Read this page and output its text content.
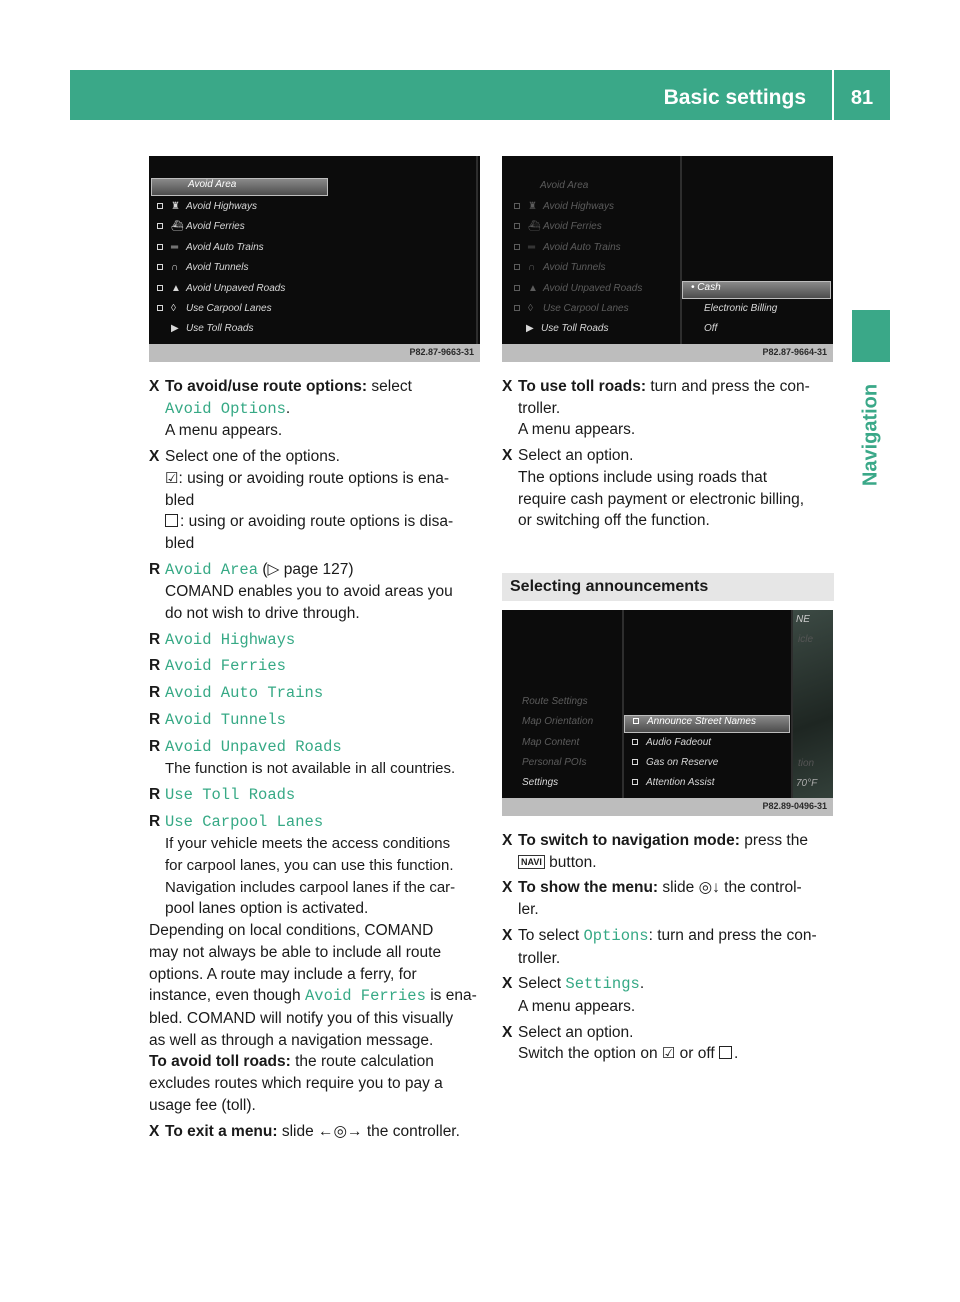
Basic settings	81
Navigation
Avoid Area
♜ Avoid Highways
⛴ Avoid Ferries
═ Avoid Auto Trains
∩ Avoid Tunnels
▲ Avoid Unpaved Roads
◊ Use Carpool Lanes
▶ Use Toll Roads
P82.87-9663-31
Avoid Area
♜ Avoid Highways
⛴ Avoid Ferries
═ Avoid Auto Trains
∩ Avoid Tunnels
▲ Avoid Unpaved Roads
◊ Use Carpool Lanes
▶ Use Toll Roads
• Cash
Electronic Billing
Off
P82.87-9664-31
NE
icle
tion
70°F
Route Settings
Map Orientation
Map Content
Personal POIs
Settings
Announce Street Names
Audio Fadeout
Gas on Reserve
Attention Assist
P82.89-0496-31
X To avoid/use route options: select
Avoid Options.
A menu appears.
X Select one of the options.
☑: using or avoiding route options is ena-
bled
: using or avoiding route options is disa-
bled
R Avoid Area (▷ page 127)
COMAND enables you to avoid areas you
do not wish to drive through.
R Avoid Highways
R Avoid Ferries
R Avoid Auto Trains
R Avoid Tunnels
R Avoid Unpaved Roads
The function is not available in all countries.
R Use Toll Roads
R Use Carpool Lanes
If your vehicle meets the access conditions
for carpool lanes, you can use this function.
Navigation includes carpool lanes if the car-
pool lanes option is activated.
Depending on local conditions, COMAND
may not always be able to include all route
options. A route may include a ferry, for
instance, even though Avoid Ferries is ena-
bled. COMAND will notify you of this visually
as well as through a navigation message.
To avoid toll roads: the route calculation
excludes routes which require you to pay a
usage fee (toll).
X To exit a menu: slide ←◎→ the controller.
X To use toll roads: turn and press the con-
troller.
A menu appears.
X Select an option.
The options include using roads that
require cash payment or electronic billing,
or switching off the function.
Selecting announcements
X To switch to navigation mode: press the
NAVI button.
X To show the menu: slide ◎↓ the control-
ler.
X To select Options: turn and press the con-
troller.
X Select Settings.
A menu appears.
X Select an option.
Switch the option on ☑ or off .
